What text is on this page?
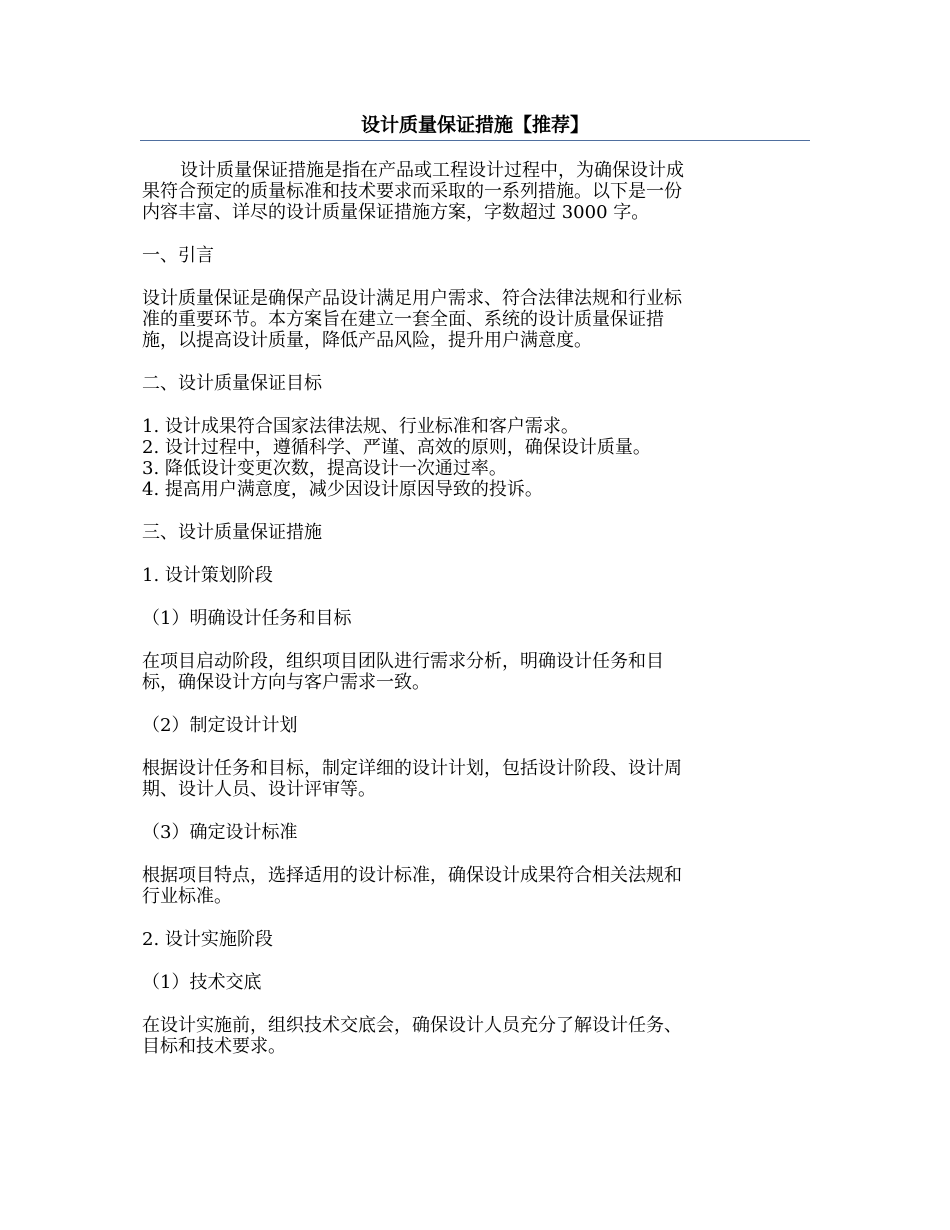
设计质量保证措施【推荐】
设计质量保证措施是指在产品或工程设计过程中，为确保设计成
果符合预定的质量标准和技术要求而采取的一系列措施。以下是一份
内容丰富、详尽的设计质量保证措施方案，字数超过 3000 字。
一、引言
设计质量保证是确保产品设计满足用户需求、符合法律法规和行业标
准的重要环节。本方案旨在建立一套全面、系统的设计质量保证措
施，以提高设计质量，降低产品风险，提升用户满意度。
二、设计质量保证目标
1. 设计成果符合国家法律法规、行业标准和客户需求。
2. 设计过程中，遵循科学、严谨、高效的原则，确保设计质量。
3. 降低设计变更次数，提高设计一次通过率。
4. 提高用户满意度，减少因设计原因导致的投诉。
三、设计质量保证措施
1. 设计策划阶段
（1）明确设计任务和目标
在项目启动阶段，组织项目团队进行需求分析，明确设计任务和目
标，确保设计方向与客户需求一致。
（2）制定设计计划
根据设计任务和目标，制定详细的设计计划，包括设计阶段、设计周
期、设计人员、设计评审等。
（3）确定设计标准
根据项目特点，选择适用的设计标准，确保设计成果符合相关法规和
行业标准。
2. 设计实施阶段
（1）技术交底
在设计实施前，组织技术交底会，确保设计人员充分了解设计任务、
目标和技术要求。
